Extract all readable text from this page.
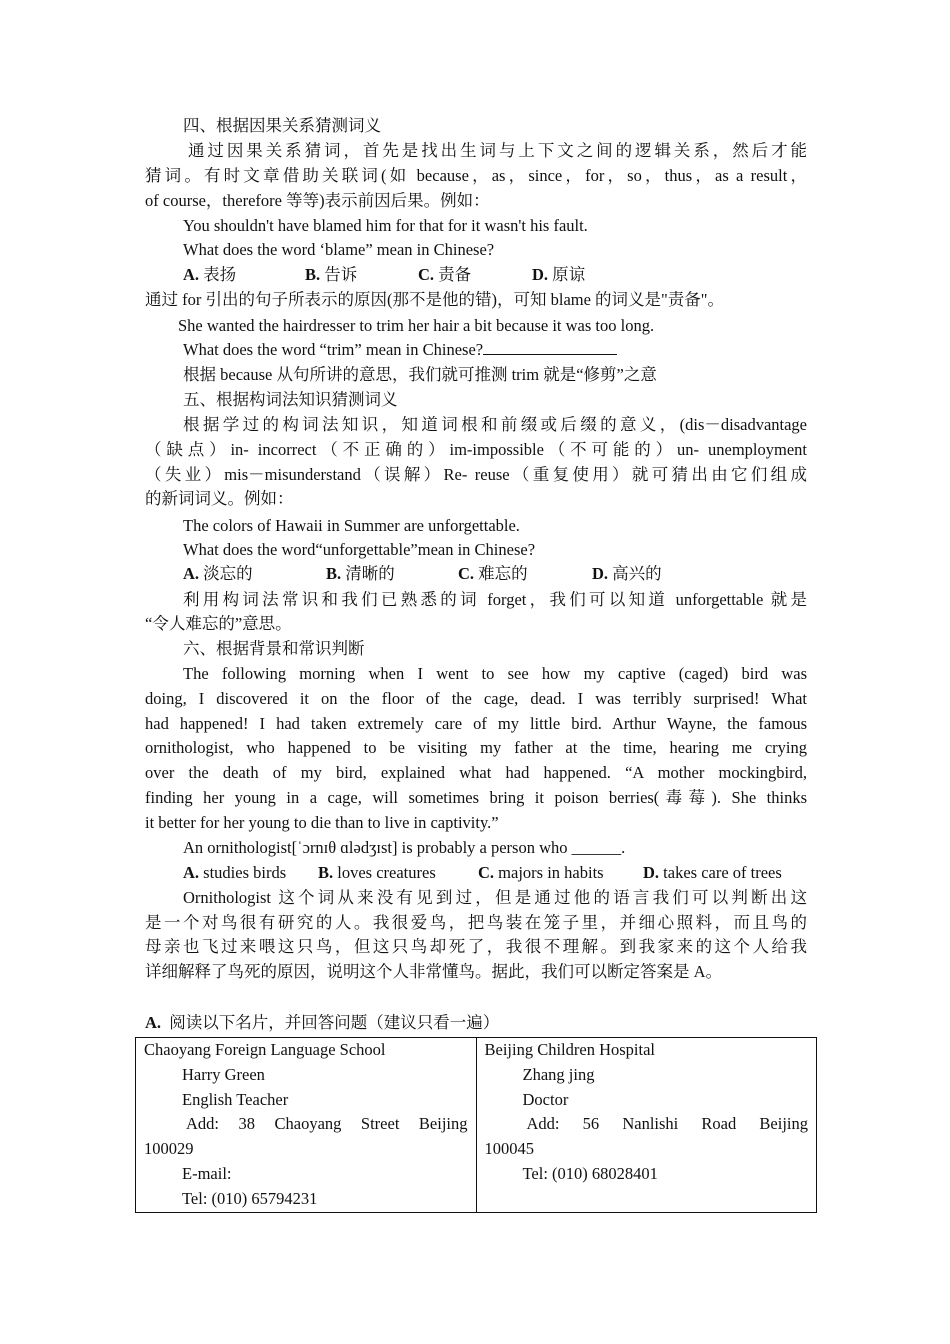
四、根据因果关系猜测词义
通过因果关系猜词，首先是找出生词与上下文之间的逻辑关系，然后才能
猜词。有时文章借助关联词(如 because，as，since，for，so，thus，as a result，
of course，therefore 等等)表示前因后果。例如：
You shouldn't have blamed him for that for it wasn't his fault.
What does the word ‘blame” mean in Chinese?
A. 表扬	B. 告诉	C. 责备	D. 原谅
通过 for 引出的句子所表示的原因(那不是他的错)，可知 blame 的词义是"责备"。
She wanted the hairdresser to trim her hair a bit because it was too long.
What does the word “trim” mean in Chinese?
根据 because 从句所讲的意思，我们就可推测 trim 就是“修剪”之意
五、根据构词法知识猜测词义
根据学过的构词法知识，知道词根和前缀或后缀的意义，(dis－disadvantage
（缺点）in- incorrect（不正确的）im-impossible（不可能的）un- unemployment
（失业）mis－misunderstand（误解）Re- reuse（重复使用）就可猜出由它们组成
的新词词义。例如：
The colors of Hawaii in Summer are unforgettable.
What does the word“unforgettable”mean in Chinese?
A. 淡忘的	B. 清晰的	C. 难忘的	D. 高兴的
利用构词法常识和我们已熟悉的词 forget，我们可以知道 unforgettable 就是
“令人难忘的”意思。
六、根据背景和常识判断
The following morning when I went to see how my captive (caged) bird was
doing, I discovered it on the floor of the cage, dead. I was terribly surprised! What
had happened! I had taken extremely care of my little bird. Arthur Wayne, the famous
ornithologist, who happened to be visiting my father at the time, hearing me crying
over the death of my bird, explained what had happened. “A mother mockingbird,
finding her young in a cage, will sometimes bring it poison berries(毒莓). She thinks
it better for her young to die than to live in captivity.”
An ornithologist[ˈɔrnɪθ ɑlədʒɪst] is probably a person who ______.
A. studies birds B. loves creatures	C. majors in habits D. takes care of trees
Ornithologist 这个词从来没有见到过，但是通过他的语言我们可以判断出这
是一个对鸟很有研究的人。我很爱鸟，把鸟装在笼子里，并细心照料，而且鸟的
母亲也飞过来喂这只鸟，但这只鸟却死了，我很不理解。到我家来的这个人给我
详细解释了鸟死的原因，说明这个人非常懂鸟。据此，我们可以断定答案是 A。
A. 阅读以下名片，并回答问题（建议只看一遍）
Chaoyang Foreign Language School
Harry Green
English Teacher
Add: 38 Chaoyang Street Beijing
100029
E-mail:
Tel: (010) 65794231

Beijing Children Hospital
Zhang jing
Doctor
Add: 56 Nanlishi Road Beijing
100045
Tel: (010) 68028401
